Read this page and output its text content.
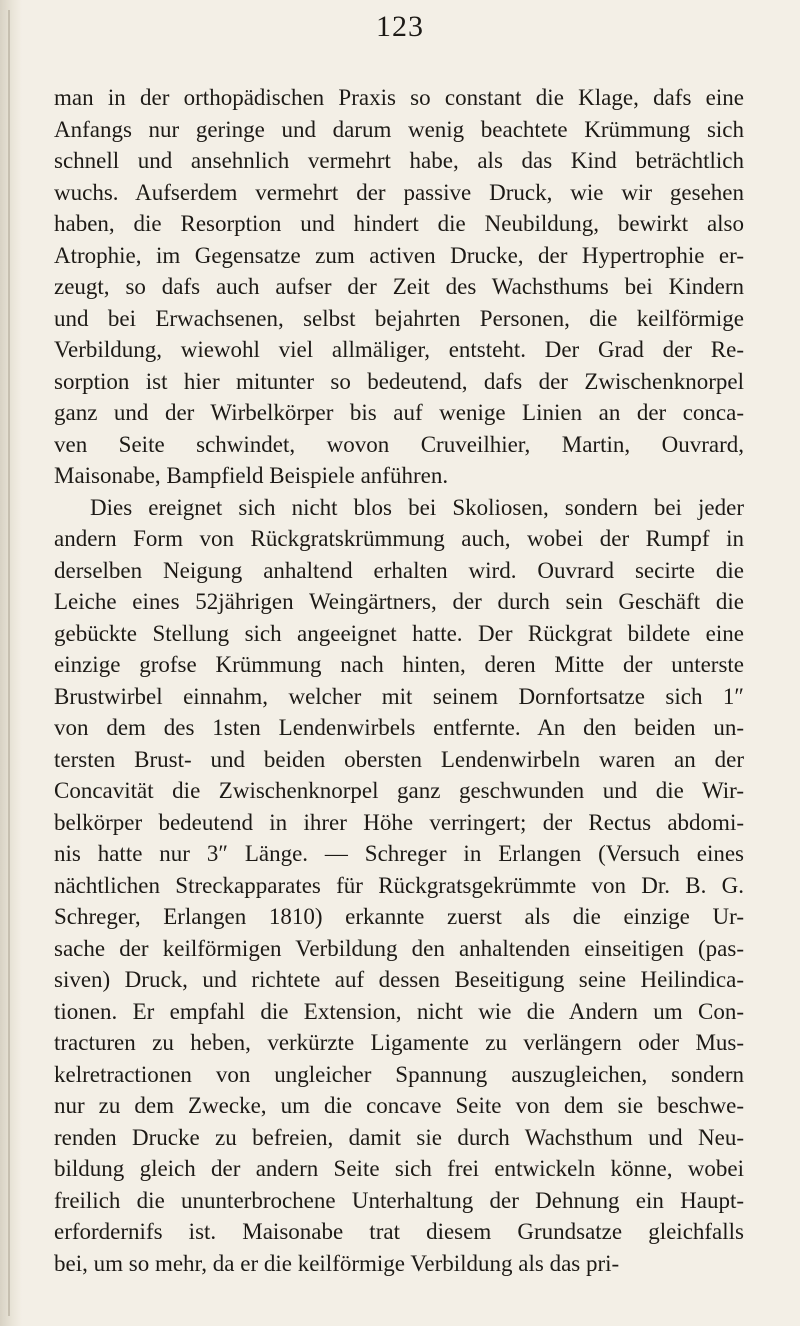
123
man in der orthopädischen Praxis so constant die Klage, dafs eine
Anfangs nur geringe und darum wenig beachtete Krümmung sich
schnell und ansehnlich vermehrt habe, als das Kind beträchtlich
wuchs. Aufserdem vermehrt der passive Druck, wie wir gesehen
haben, die Resorption und hindert die Neubildung, bewirkt also
Atrophie, im Gegensatze zum activen Drucke, der Hypertrophie er-
zeugt, so dafs auch aufser der Zeit des Wachsthums bei Kindern
und bei Erwachsenen, selbst bejahrten Personen, die keilförmige
Verbildung, wiewohl viel allmäliger, entsteht. Der Grad der Re-
sorption ist hier mitunter so bedeutend, dafs der Zwischenknorpel
ganz und der Wirbelkörper bis auf wenige Linien an der conca-
ven Seite schwindet, wovon Cruveilhier, Martin, Ouvrard,
Maisonabe, Bampfield Beispiele anführen.
Dies ereignet sich nicht blos bei Skoliosen, sondern bei jeder
andern Form von Rückgratskrümmung auch, wobei der Rumpf in
derselben Neigung anhaltend erhalten wird. Ouvrard secirte die
Leiche eines 52jährigen Weingärtners, der durch sein Geschäft die
gebückte Stellung sich angeeignet hatte. Der Rückgrat bildete eine
einzige grofse Krümmung nach hinten, deren Mitte der unterste
Brustwirbel einnahm, welcher mit seinem Dornfortsatze sich 1″
von dem des 1sten Lendenwirbels entfernte. An den beiden un-
tersten Brust- und beiden obersten Lendenwirbeln waren an der
Concavität die Zwischenknorpel ganz geschwunden und die Wir-
belkörper bedeutend in ihrer Höhe verringert; der Rectus abdomi-
nis hatte nur 3″ Länge. — Schreger in Erlangen (Versuch eines
nächtlichen Streckapparates für Rückgratsgekrümmte von Dr. B. G.
Schreger, Erlangen 1810) erkannte zuerst als die einzige Ur-
sache der keilförmigen Verbildung den anhaltenden einseitigen (pas-
siven) Druck, und richtete auf dessen Beseitigung seine Heilindica-
tionen. Er empfahl die Extension, nicht wie die Andern um Con-
tracturen zu heben, verkürzte Ligamente zu verlängern oder Mus-
kelretractionen von ungleicher Spannung auszugleichen, sondern
nur zu dem Zwecke, um die concave Seite von dem sie beschwe-
renden Drucke zu befreien, damit sie durch Wachsthum und Neu-
bildung gleich der andern Seite sich frei entwickeln könne, wobei
freilich die ununterbrochene Unterhaltung der Dehnung ein Haupt-
erfordernifs ist. Maisonabe trat diesem Grundsatze gleichfalls
bei, um so mehr, da er die keilförmige Verbildung als das pri-
